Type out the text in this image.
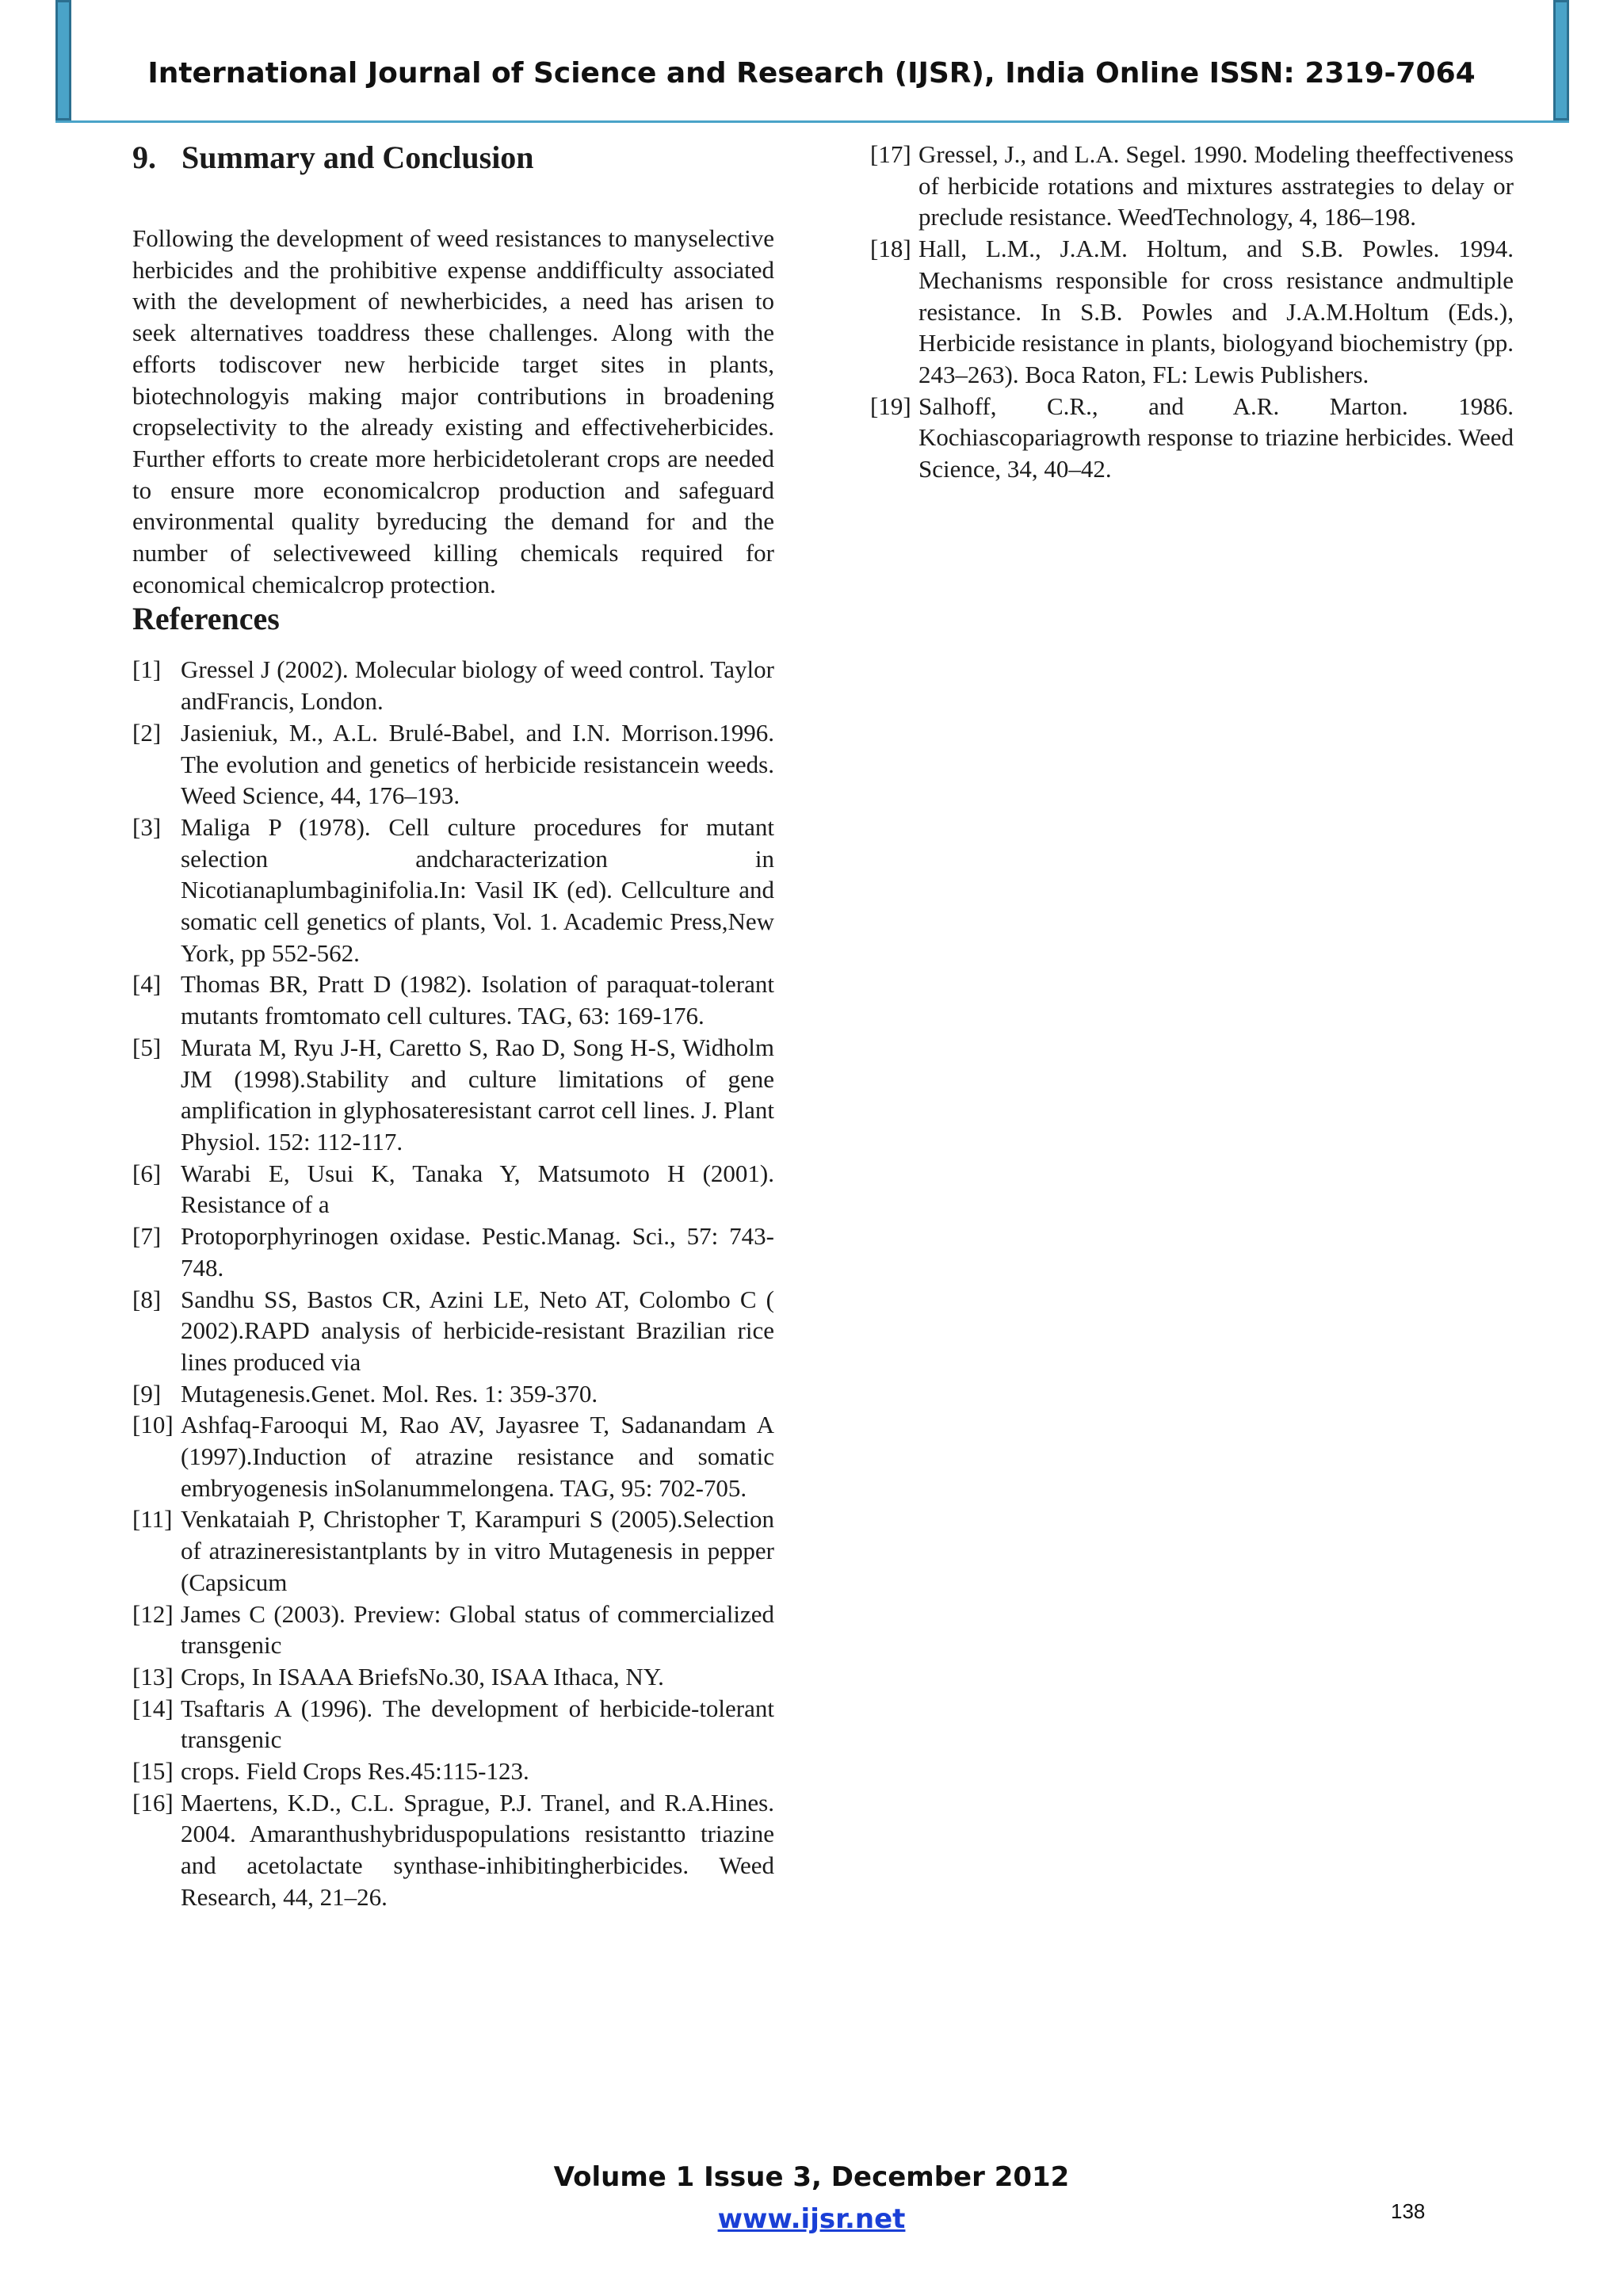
International Journal of Science and Research (IJSR), India Online ISSN: 2319-7064
9. Summary and Conclusion

Following the development of weed resistances to manyselective herbicides and the prohibitive expense anddifficulty associated with the development of newherbicides, a need has arisen to seek alternatives toaddress these challenges. Along with the efforts todiscover new herbicide target sites in plants, biotechnologyis making major contributions in broadening cropselectivity to the already existing and effectiveherbicides. Further efforts to create more herbicidetolerant crops are needed to ensure more economicalcrop production and safeguard environmental quality byreducing the demand for and the number of selectiveweed killing chemicals required for economical chemicalcrop protection.

References
[1] Gressel J (2002). Molecular biology of weed control. Taylor andFrancis, London.
[2] Jasieniuk, M., A.L. Brulé-Babel, and I.N. Morrison.1996. The evolution and genetics of herbicide resistancein weeds. Weed Science, 44, 176–193.
[3] Maliga P (1978). Cell culture procedures for mutant selection andcharacterization in Nicotianaplumbaginifolia.In: Vasil IK (ed). Cellculture and somatic cell genetics of plants, Vol. 1. Academic Press,New York, pp 552-562.
[4] Thomas BR, Pratt D (1982). Isolation of paraquat-tolerant mutants fromtomato cell cultures. TAG, 63: 169-176.
[5] Murata M, Ryu J-H, Caretto S, Rao D, Song H-S, Widholm JM (1998).Stability and culture limitations of gene amplification in glyphosateresistant carrot cell lines. J. Plant Physiol. 152: 112-117.
[6] Warabi E, Usui K, Tanaka Y, Matsumoto H (2001). Resistance of a
[7] Protoporphyrinogen oxidase. Pestic.Manag. Sci., 57: 743-748.
[8] Sandhu SS, Bastos CR, Azini LE, Neto AT, Colombo C ( 2002).RAPD analysis of herbicide-resistant Brazilian rice lines produced via
[9] Mutagenesis.Genet. Mol. Res. 1: 359-370.
[10] Ashfaq-Farooqui M, Rao AV, Jayasree T, Sadanandam A (1997).Induction of atrazine resistance and somatic embryogenesis inSolanummelongena. TAG, 95: 702-705.
[11] Venkataiah P, Christopher T, Karampuri S (2005).Selection of atrazineresistantplants by in vitro Mutagenesis in pepper (Capsicum
[12] James C (2003). Preview: Global status of commercialized transgenic
[13] Crops, In ISAAA BriefsNo.30, ISAA Ithaca, NY.
[14] Tsaftaris A (1996). The development of herbicide-tolerant transgenic
[15] crops. Field Crops Res.45:115-123.
[16] Maertens, K.D., C.L. Sprague, P.J. Tranel, and R.A.Hines. 2004. Amaranthushybriduspopulations resistantto triazine and acetolactate synthase-inhibitingherbicides. Weed Research, 44, 21–26.
[17] Gressel, J., and L.A. Segel. 1990. Modeling theeffectiveness of herbicide rotations and mixtures asstrategies to delay or preclude resistance. WeedTechnology, 4, 186–198.
[18] Hall, L.M., J.A.M. Holtum, and S.B. Powles. 1994. Mechanisms responsible for cross resistance andmultiple resistance. In S.B. Powles and J.A.M.Holtum (Eds.), Herbicide resistance in plants, biologyand biochemistry (pp. 243–263). Boca Raton, FL: Lewis Publishers.
[19] Salhoff, C.R., and A.R. Marton. 1986. Kochiascopariagrowth response to triazine herbicides. Weed Science, 34, 40–42.
Volume 1 Issue 3, December 2012
www.ijsr.net	138
